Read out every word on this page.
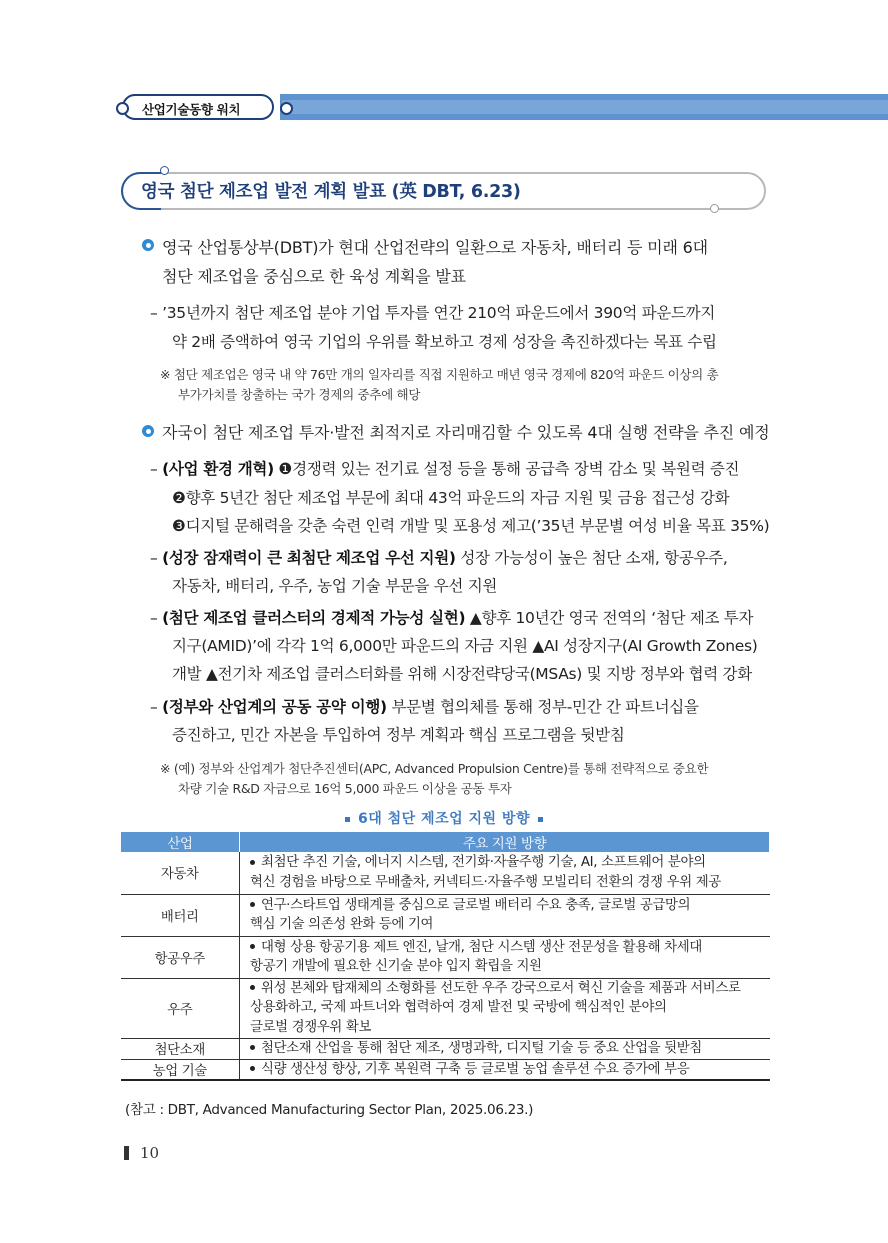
산업기술동향 워치
영국 첨단 제조업 발전 계획 발표 (英 DBT, 6.23)
영국 산업통상부(DBT)가 현대 산업전략의 일환으로 자동차, 배터리 등 미래 6대
첨단 제조업을 중심으로 한 육성 계획을 발표
– ’35년까지 첨단 제조업 분야 기업 투자를 연간 210억 파운드에서 390억 파운드까지
약 2배 증액하여 영국 기업의 우위를 확보하고 경제 성장을 촉진하겠다는 목표 수립
※ 첨단 제조업은 영국 내 약 76만 개의 일자리를 직접 지원하고 매년 영국 경제에 820억 파운드 이상의 총
부가가치를 창출하는 국가 경제의 중추에 해당
자국이 첨단 제조업 투자·발전 최적지로 자리매김할 수 있도록 4대 실행 전략을 추진 예정
– (사업 환경 개혁) ❶경쟁력 있는 전기료 설정 등을 통해 공급측 장벽 감소 및 복원력 증진
❷향후 5년간 첨단 제조업 부문에 최대 43억 파운드의 자금 지원 및 금융 접근성 강화
❸디지털 문해력을 갖춘 숙련 인력 개발 및 포용성 제고(’35년 부문별 여성 비율 목표 35%)
– (성장 잠재력이 큰 최첨단 제조업 우선 지원) 성장 가능성이 높은 첨단 소재, 항공우주,
자동차, 배터리, 우주, 농업 기술 부문을 우선 지원
– (첨단 제조업 클러스터의 경제적 가능성 실현) ▲향후 10년간 영국 전역의 ‘첨단 제조 투자
지구(AMID)’에 각각 1억 6,000만 파운드의 자금 지원 ▲AI 성장지구(AI Growth Zones)
개발 ▲전기차 제조업 클러스터화를 위해 시장전략당국(MSAs) 및 지방 정부와 협력 강화
– (정부와 산업계의 공동 공약 이행) 부문별 협의체를 통해 정부-민간 간 파트너십을
증진하고, 민간 자본을 투입하여 정부 계획과 핵심 프로그램을 뒷받침
※ (예) 정부와 산업계가 첨단추진센터(APC, Advanced Propulsion Centre)를 통해 전략적으로 중요한
차량 기술 R&D 자금으로 16억 5,000 파운드 이상을 공동 투자
6대 첨단 제조업 지원 방향
산업	주요 지원 방향
자동차	최첨단 추진 기술, 에너지 시스템, 전기화·자율주행 기술, AI, 소프트웨어 분야의
혁신 경험을 바탕으로 무배출차, 커넥티드·자율주행 모빌리티 전환의 경쟁 우위 제공

배터리	연구·스타트업 생태계를 중심으로 글로벌 배터리 수요 충족, 글로벌 공급망의
핵심 기술 의존성 완화 등에 기여

항공우주	대형 상용 항공기용 제트 엔진, 날개, 첨단 시스템 생산 전문성을 활용해 차세대
항공기 개발에 필요한 신기술 분야 입지 확립을 지원

우주	위성 본체와 탑재체의 소형화를 선도한 우주 강국으로서 혁신 기술을 제품과 서비스로
상용화하고, 국제 파트너와 협력하여 경제 발전 및 국방에 핵심적인 분야의
글로벌 경쟁우위 확보

첨단소재	첨단소재 산업을 통해 첨단 제조, 생명과학, 디지털 기술 등 중요 산업을 뒷받침

농업 기술	식량 생산성 향상, 기후 복원력 구축 등 글로벌 농업 솔루션 수요 증가에 부응
(참고 : DBT, Advanced Manufacturing Sector Plan, 2025.06.23.)
10
